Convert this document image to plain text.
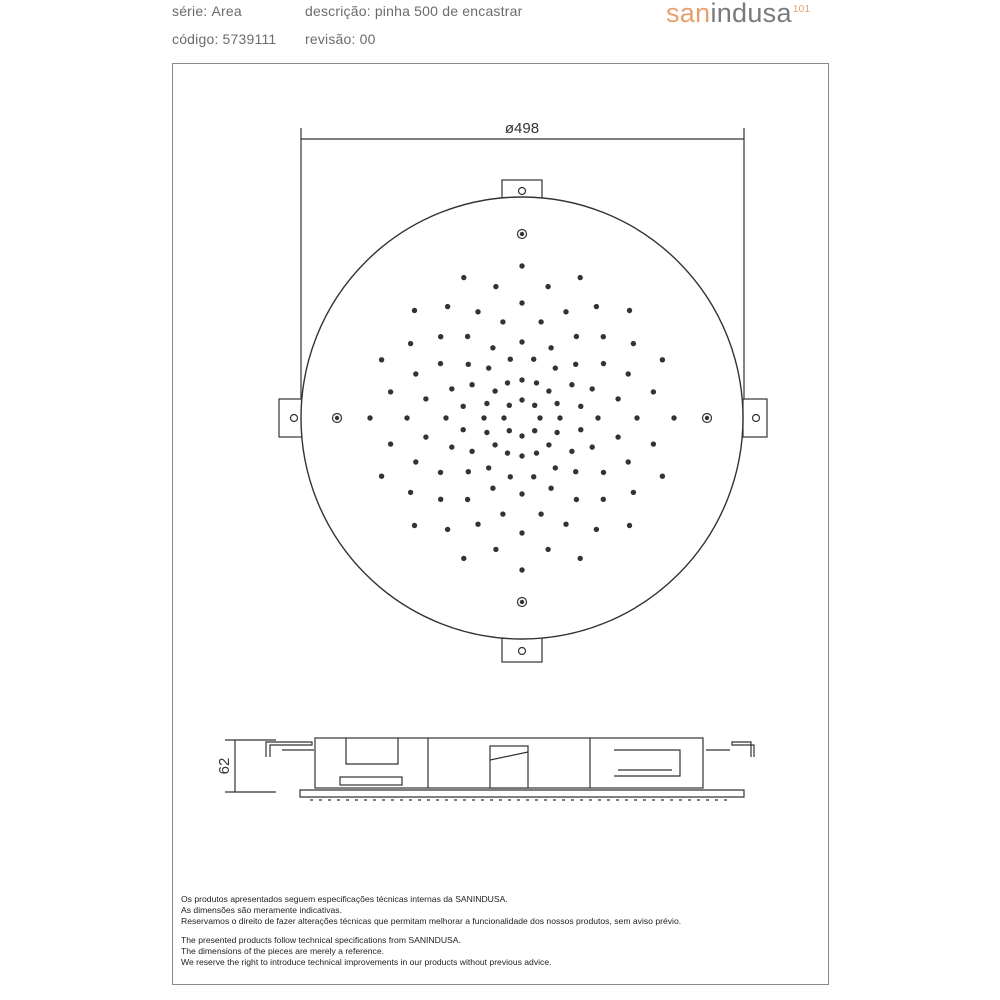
série: Area
código: 5739111
descrição: pinha 500 de encastrar
revisão: 00
sanindusa$^{101}$
ø498
62

Os produtos apresentados seguem especificações técnicas internas da SANINDUSA.

As dimensões são meramente indicativas.

Reservamos o direito de fazer alterações técnicas que permitam melhorar a funcionalidade dos nossos produtos, sem aviso prévio.

The presented products follow technical specifications from SANINDUSA.

The dimensions of the pieces are merely a reference.

We reserve the right to introduce technical improvements in our products without previous advice.
